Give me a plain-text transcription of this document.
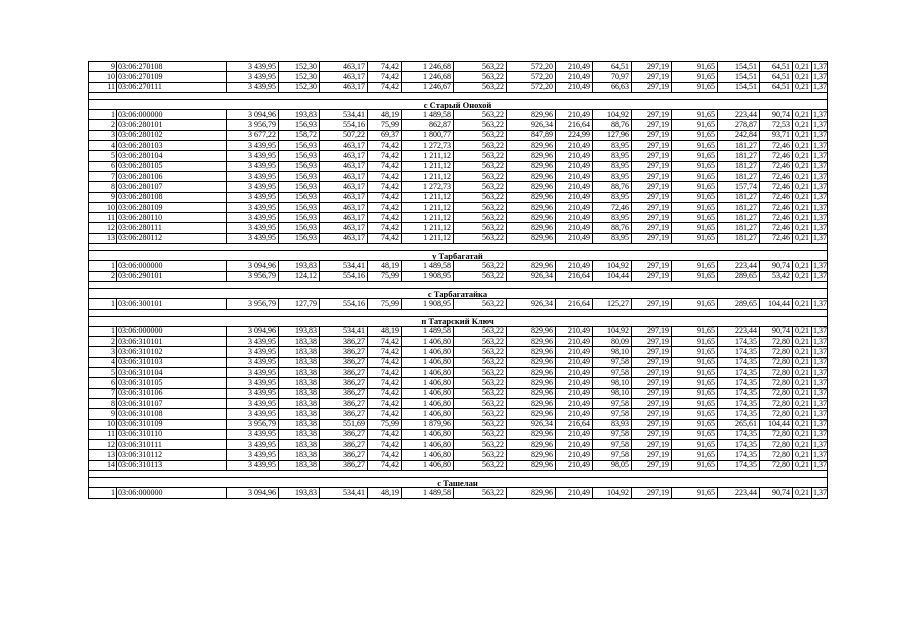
9	03:06:270108	3 439,95	152,30	463,17	74,42	1 246,68	563,22	572,20	210,49	64,51	297,19	91,65	154,51	64,51	0,21	1,37
10	03:06:270109	3 439,95	152,30	463,17	74,42	1 246,68	563,22	572,20	210,49	70,97	297,19	91,65	154,51	64,51	0,21	1,37
11	03:06:270111	3 439,95	152,30	463,17	74,42	1 246,67	563,22	572,20	210,49	66,63	297,19	91,65	154,51	64,51	0,21	1,37

с Старый Онохой																
1	03:06:000000	3 094,96	193,83	534,41	48,19	1 489,58	563,22	829,96	210,49	104,92	297,19	91,65	223,44	90,74	0,21	1,37
2	03:06:280101	3 956,79	156,93	554,16	75,99	862,87	563,22	926,34	216,64	88,76	297,19	91,65	278,87	72,53	0,21	1,37
3	03:06:280102	3 677,22	158,72	507,22	69,37	1 800,77	563,22	847,89	224,99	127,96	297,19	91,65	242,84	93,71	0,21	1,37
4	03:06:280103	3 439,95	156,93	463,17	74,42	1 272,73	563,22	829,96	210,49	83,95	297,19	91,65	181,27	72,46	0,21	1,37
5	03:06:280104	3 439,95	156,93	463,17	74,42	1 211,12	563,22	829,96	210,49	83,95	297,19	91,65	181,27	72,46	0,21	1,37
6	03:06:280105	3 439,95	156,93	463,17	74,42	1 211,12	563,22	829,96	210,49	83,95	297,19	91,65	181,27	72,46	0,21	1,37
7	03:06:280106	3 439,95	156,93	463,17	74,42	1 211,12	563,22	829,96	210,49	83,95	297,19	91,65	181,27	72,46	0,21	1,37
8	03:06:280107	3 439,95	156,93	463,17	74,42	1 272,73	563,22	829,96	210,49	88,76	297,19	91,65	157,74	72,46	0,21	1,37
9	03:06:280108	3 439,95	156,93	463,17	74,42	1 211,12	563,22	829,96	210,49	83,95	297,19	91,65	181,27	72,46	0,21	1,37
10	03:06:280109	3 439,95	156,93	463,17	74,42	1 211,12	563,22	829,96	210,49	72,46	297,19	91,65	181,27	72,46	0,21	1,37
11	03:06:280110	3 439,95	156,93	463,17	74,42	1 211,12	563,22	829,96	210,49	83,95	297,19	91,65	181,27	72,46	0,21	1,37
12	03:06:280111	3 439,95	156,93	463,17	74,42	1 211,12	563,22	829,96	210,49	88,76	297,19	91,65	181,27	72,46	0,21	1,37
13	03:06:280112	3 439,95	156,93	463,17	74,42	1 211,12	563,22	829,96	210,49	83,95	297,19	91,65	181,27	72,46	0,21	1,37

у Тарбагатай																
1	03:06:000000	3 094,96	193,83	534,41	48,19	1 489,58	563,22	829,96	210,49	104,92	297,19	91,65	223,44	90,74	0,21	1,37
2	03:06:290101	3 956,79	124,12	554,16	75,99	1 908,95	563,22	926,34	216,64	104,44	297,19	91,65	289,65	53,42	0,21	1,37

с Тарбагатайка																
1	03:06:300101	3 956,79	127,79	554,16	75,99	1 908,95	563,22	926,34	216,64	125,27	297,19	91,65	289,65	104,44	0,21	1,37

п Татарский Ключ																
1	03:06:000000	3 094,96	193,83	534,41	48,19	1 489,58	563,22	829,96	210,49	104,92	297,19	91,65	223,44	90,74	0,21	1,37
2	03:06:310101	3 439,95	183,38	386,27	74,42	1 406,80	563,22	829,96	210,49	80,09	297,19	91,65	174,35	72,80	0,21	1,37
3	03:06:310102	3 439,95	183,38	386,27	74,42	1 406,80	563,22	829,96	210,49	98,10	297,19	91,65	174,35	72,80	0,21	1,37
4	03:06:310103	3 439,95	183,38	386,27	74,42	1 406,80	563,22	829,96	210,49	97,58	297,19	91,65	174,35	72,80	0,21	1,37
5	03:06:310104	3 439,95	183,38	386,27	74,42	1 406,80	563,22	829,96	210,49	97,58	297,19	91,65	174,35	72,80	0,21	1,37
6	03:06:310105	3 439,95	183,38	386,27	74,42	1 406,80	563,22	829,96	210,49	98,10	297,19	91,65	174,35	72,80	0,21	1,37
7	03:06:310106	3 439,95	183,38	386,27	74,42	1 406,80	563,22	829,96	210,49	98,10	297,19	91,65	174,35	72,80	0,21	1,37
8	03:06:310107	3 439,95	183,38	386,27	74,42	1 406,80	563,22	829,96	210,49	97,58	297,19	91,65	174,35	72,80	0,21	1,37
9	03:06:310108	3 439,95	183,38	386,27	74,42	1 406,80	563,22	829,96	210,49	97,58	297,19	91,65	174,35	72,80	0,21	1,37
10	03:06:310109	3 956,79	183,38	551,69	75,99	1 879,96	563,22	926,34	216,64	83,93	297,19	91,65	265,61	104,44	0,21	1,37
11	03:06:310110	3 439,95	183,38	386,27	74,42	1 406,80	563,22	829,96	210,49	97,58	297,19	91,65	174,35	72,80	0,21	1,37
12	03:06:310111	3 439,95	183,38	386,27	74,42	1 406,80	563,22	829,96	210,49	97,58	297,19	91,65	174,35	72,80	0,21	1,37
13	03:06:310112	3 439,95	183,38	386,27	74,42	1 406,80	563,22	829,96	210,49	97,58	297,19	91,65	174,35	72,80	0,21	1,37
14	03:06:310113	3 439,95	183,38	386,27	74,42	1 406,80	563,22	829,96	210,49	98,05	297,19	91,65	174,35	72,80	0,21	1,37

с Ташелан																
1	03:06:000000	3 094,96	193,83	534,41	48,19	1 489,58	563,22	829,96	210,49	104,92	297,19	91,65	223,44	90,74	0,21	1,37
